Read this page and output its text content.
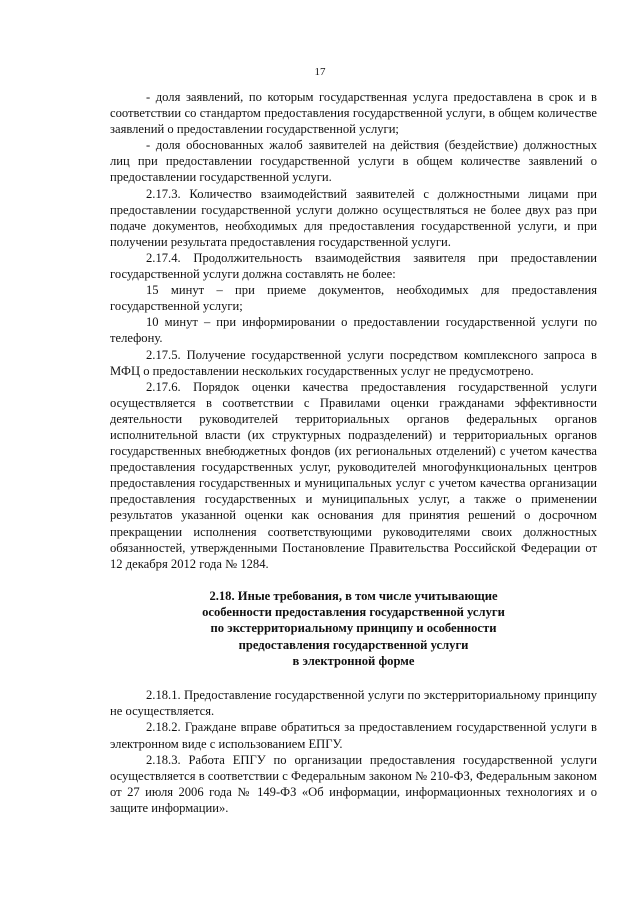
17

- доля заявлений, по которым государственная услуга предоставлена в срок и в соответствии со стандартом предоставления государственной услуги, в общем количестве заявлений о предоставлении государственной услуги;

- доля обоснованных жалоб заявителей на действия (бездействие) должностных лиц при предоставлении государственной услуги в общем количестве заявлений о предоставлении государственной услуги.

2.17.3. Количество взаимодействий заявителей с должностными лицами при предоставлении государственной услуги должно осуществляться не более двух раз при подаче документов, необходимых для предоставления государственной услуги, и при получении результата предоставления государственной услуги.

2.17.4. Продолжительность взаимодействия заявителя при предоставлении государственной услуги должна составлять не более:

15 минут – при приеме документов, необходимых для предоставления государственной услуги;

10 минут – при информировании о предоставлении государственной услуги по телефону.

2.17.5. Получение государственной услуги посредством комплексного запроса в МФЦ о предоставлении нескольких государственных услуг не предусмотрено.

2.17.6. Порядок оценки качества предоставления государственной услуги осуществляется в соответствии с Правилами оценки гражданами эффективности деятельности руководителей территориальных органов федеральных органов исполнительной власти (их структурных подразделений) и территориальных органов государственных внебюджетных фондов (их региональных отделений) с учетом качества предоставления государственных услуг, руководителей многофункциональных центров предоставления государственных и муниципальных услуг с учетом качества организации предоставления государственных и муниципальных услуг, а также о применении результатов указанной оценки как основания для принятия решений о досрочном прекращении исполнения соответствующими руководителями своих должностных обязанностей, утвержденными Постановление Правительства Российской Федерации от 12 декабря 2012 года № 1284.

2.18. Иные требования, в том числе учитывающие
особенности предоставления государственной услуги
по экстерриториальному принципу и особенности
предоставления государственной услуги
в электронной форме

2.18.1. Предоставление государственной услуги по экстерриториальному принципу не осуществляется.

2.18.2. Граждане вправе обратиться за предоставлением государственной услуги в электронном виде с использованием ЕПГУ.

2.18.3. Работа ЕПГУ по организации предоставления государственной услуги осуществляется в соответствии с Федеральным законом № 210-ФЗ, Федеральным законом от 27 июля 2006 года № 149-ФЗ «Об информации, информационных технологиях и о защите информации».
